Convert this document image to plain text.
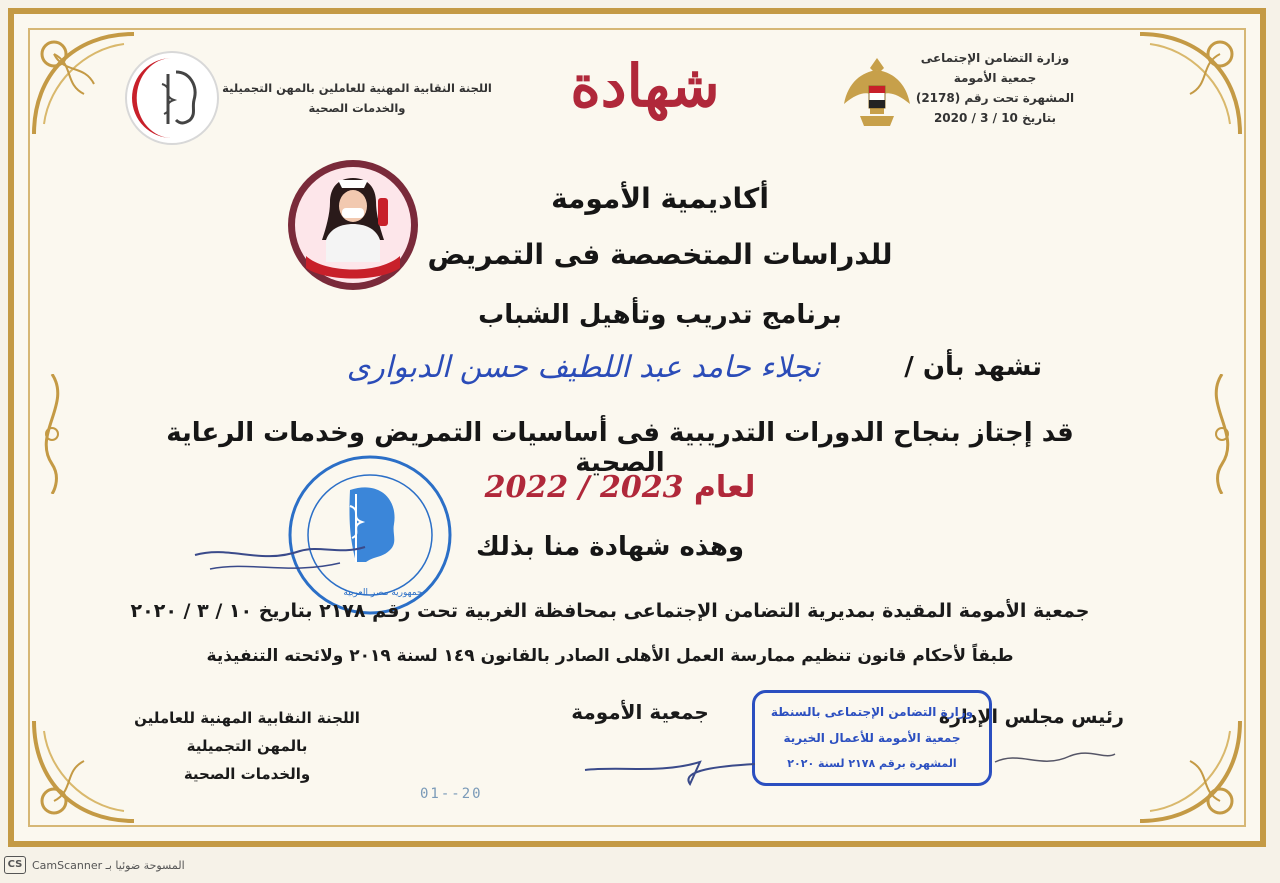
وزارة التضامن الإجتماعى
جمعية الأمومة
المشهرة تحت رقم (2178)
بتاريخ 10 / 3 / 2020
شهادة
اللجنة النقابية المهنية للعاملين بالمهن التجميلية
والخدمات الصحية
أكاديمية الأمومة
للدراسات المتخصصة فى التمريض
برنامج تدريب وتأهيل الشباب
تشهد بأن /
نجلاء حامد عبد اللطيف حسن الدبوارى
قد إجتاز بنجاح الدورات التدريبية فى أساسيات التمريض وخدمات الرعاية الصحية
2022 / 2023 لعام
جمهورية مصر العربية
وهذه شهادة منا بذلك
جمعية الأمومة المقيدة بمديرية التضامن الإجتماعى بمحافظة الغربية تحت رقم ٢١٧٨ بتاريخ ١٠ / ٣ / ٢٠٢٠
طبقاً لأحكام قانون تنظيم ممارسة العمل الأهلى الصادر بالقانون ١٤٩ لسنة ٢٠١٩ ولائحته التنفيذية
اللجنة النقابية المهنية للعاملين بالمهن التجميلية
والخدمات الصحية
جمعية الأمومة	رئيس مجلس الإدارة
وزارة التضامن الإجتماعى بالسنطة
جمعية الأمومة للأعمال الخيرية
المشهرة برقم ٢١٧٨ لسنة ٢٠٢٠
01--20
CS CamScanner المسوحة ضوئيا بـ
